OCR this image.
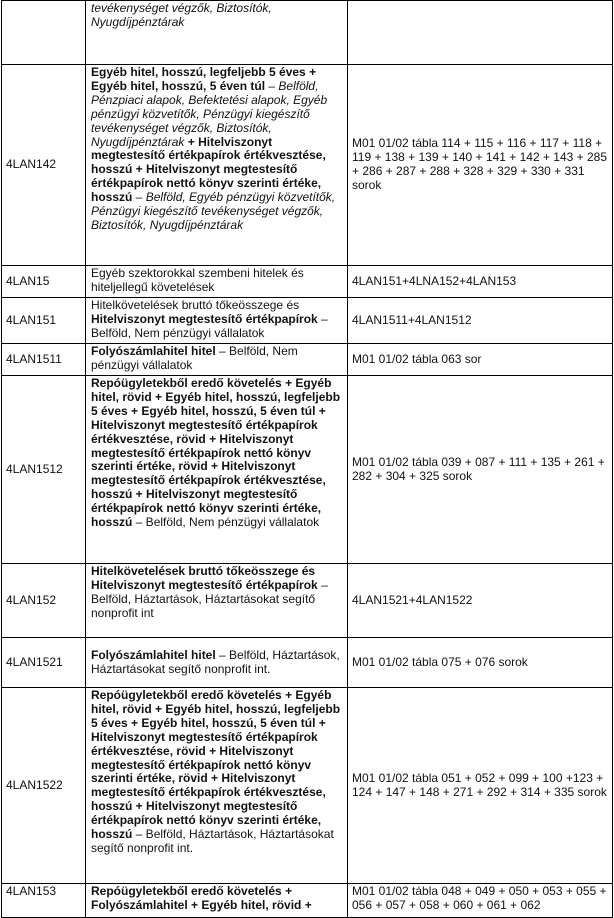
	tevékenységet végzők, Biztosítók, Nyugdíjpénztárak	
4LAN142	Egyéb hitel, hosszú, legfeljebb 5 éves + Egyéb hitel, hosszú, 5 éven túl – Belföld, Pénzpiaci alapok, Befektetési alapok, Egyéb pénzügyi közvetítők, Pénzügyi kiegészítő tevékenységet végzők, Biztosítók, Nyugdíjpénztárak + Hitelviszonyt megtestesítő értékpapírok értékvesztése, hosszú + Hitelviszonyt megtestesítő értékpapírok nettó könyv szerinti értéke, hosszú – Belföld, Egyéb pénzügyi közvetítők, Pénzügyi kiegészítő tevékenységet végzők, Biztosítók, Nyugdíjpénztárak	M01 01/02 tábla 114 + 115 + 116 + 117 + 118 + 119 + 138 + 139 + 140 + 141 + 142 + 143 + 285 + 286 + 287 + 288 + 328 + 329 + 330 + 331 sorok
4LAN15	Egyéb szektorokkal szembeni hitelek és hiteljellegű követelések	4LAN151+4LNA152+4LAN153
4LAN151	Hitelkövetelések bruttó tőkeösszege és Hitelviszonyt megtestesítő értékpapírok – Belföld, Nem pénzügyi vállalatok	4LAN1511+4LAN1512
4LAN1511	Folyószámlahitel hitel – Belföld, Nem pénzügyi vállalatok	M01 01/02 tábla 063 sor
4LAN1512	Repóügyletekből eredő követelés + Egyéb hitel, rövid + Egyéb hitel, hosszú, legfeljebb 5 éves + Egyéb hitel, hosszú, 5 éven túl + Hitelviszonyt megtestesítő értékpapírok értékvesztése, rövid + Hitelviszonyt megtestesítő értékpapírok nettó könyv szerinti értéke, rövid + Hitelviszonyt megtestesítő értékpapírok értékvesztése, hosszú + Hitelviszonyt megtestesítő értékpapírok nettó könyv szerinti értéke, hosszú – Belföld, Nem pénzügyi vállalatok	M01 01/02 tábla 039 + 087 + 111 + 135 + 261 + 282 + 304 + 325 sorok
4LAN152	Hitelkövetelések bruttó tőkeösszege és Hitelviszonyt megtestesítő értékpapírok – Belföld, Háztartások, Háztartásokat segítő nonprofit int	4LAN1521+4LAN1522
4LAN1521	Folyószámlahitel hitel – Belföld, Háztartások, Háztartásokat segítő nonprofit int.	M01 01/02 tábla 075 + 076 sorok
4LAN1522	Repóügyletekből eredő követelés + Egyéb hitel, rövid + Egyéb hitel, hosszú, legfeljebb 5 éves + Egyéb hitel, hosszú, 5 éven túl + Hitelviszonyt megtestesítő értékpapírok értékvesztése, rövid + Hitelviszonyt megtestesítő értékpapírok nettó könyv szerinti értéke, rövid + Hitelviszonyt megtestesítő értékpapírok értékvesztése, hosszú + Hitelviszonyt megtestesítő értékpapírok nettó könyv szerinti értéke, hosszú – Belföld, Háztartások, Háztartásokat segítő nonprofit int.	M01 01/02 tábla 051 + 052 + 099 + 100 +123 + 124 + 147 + 148 + 271 + 292 + 314 + 335 sorok
4LAN153	Repóügyletekből eredő követelés + Folyószámlahitel + Egyéb hitel, rövid +	M01 01/02 tábla 048 + 049 + 050 + 053 + 055 + 056 + 057 + 058 + 060 + 061 + 062
